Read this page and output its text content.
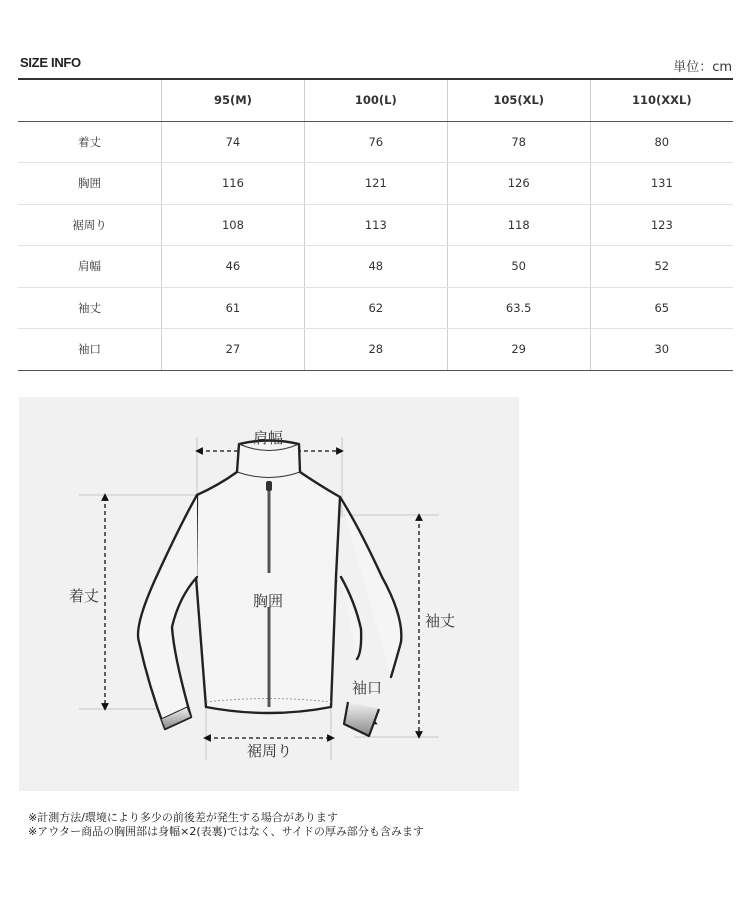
SIZE INFO	単位：cm
	95(M)	100(L)	105(XL)	110(XXL)
着丈	74	76	78	80
胸囲	116	121	126	131
裾周り	108	113	118	123
肩幅	46	48	50	52
袖丈	61	62	63.5	65
袖口	27	28	29	30
肩幅
着丈	胸囲
袖丈
袖口
裾周り
※計測方法/環境により多少の前後差が発生する場合があります
※アウター商品の胸囲部は身幅×2(表裏)ではなく、サイドの厚み部分も含みます
